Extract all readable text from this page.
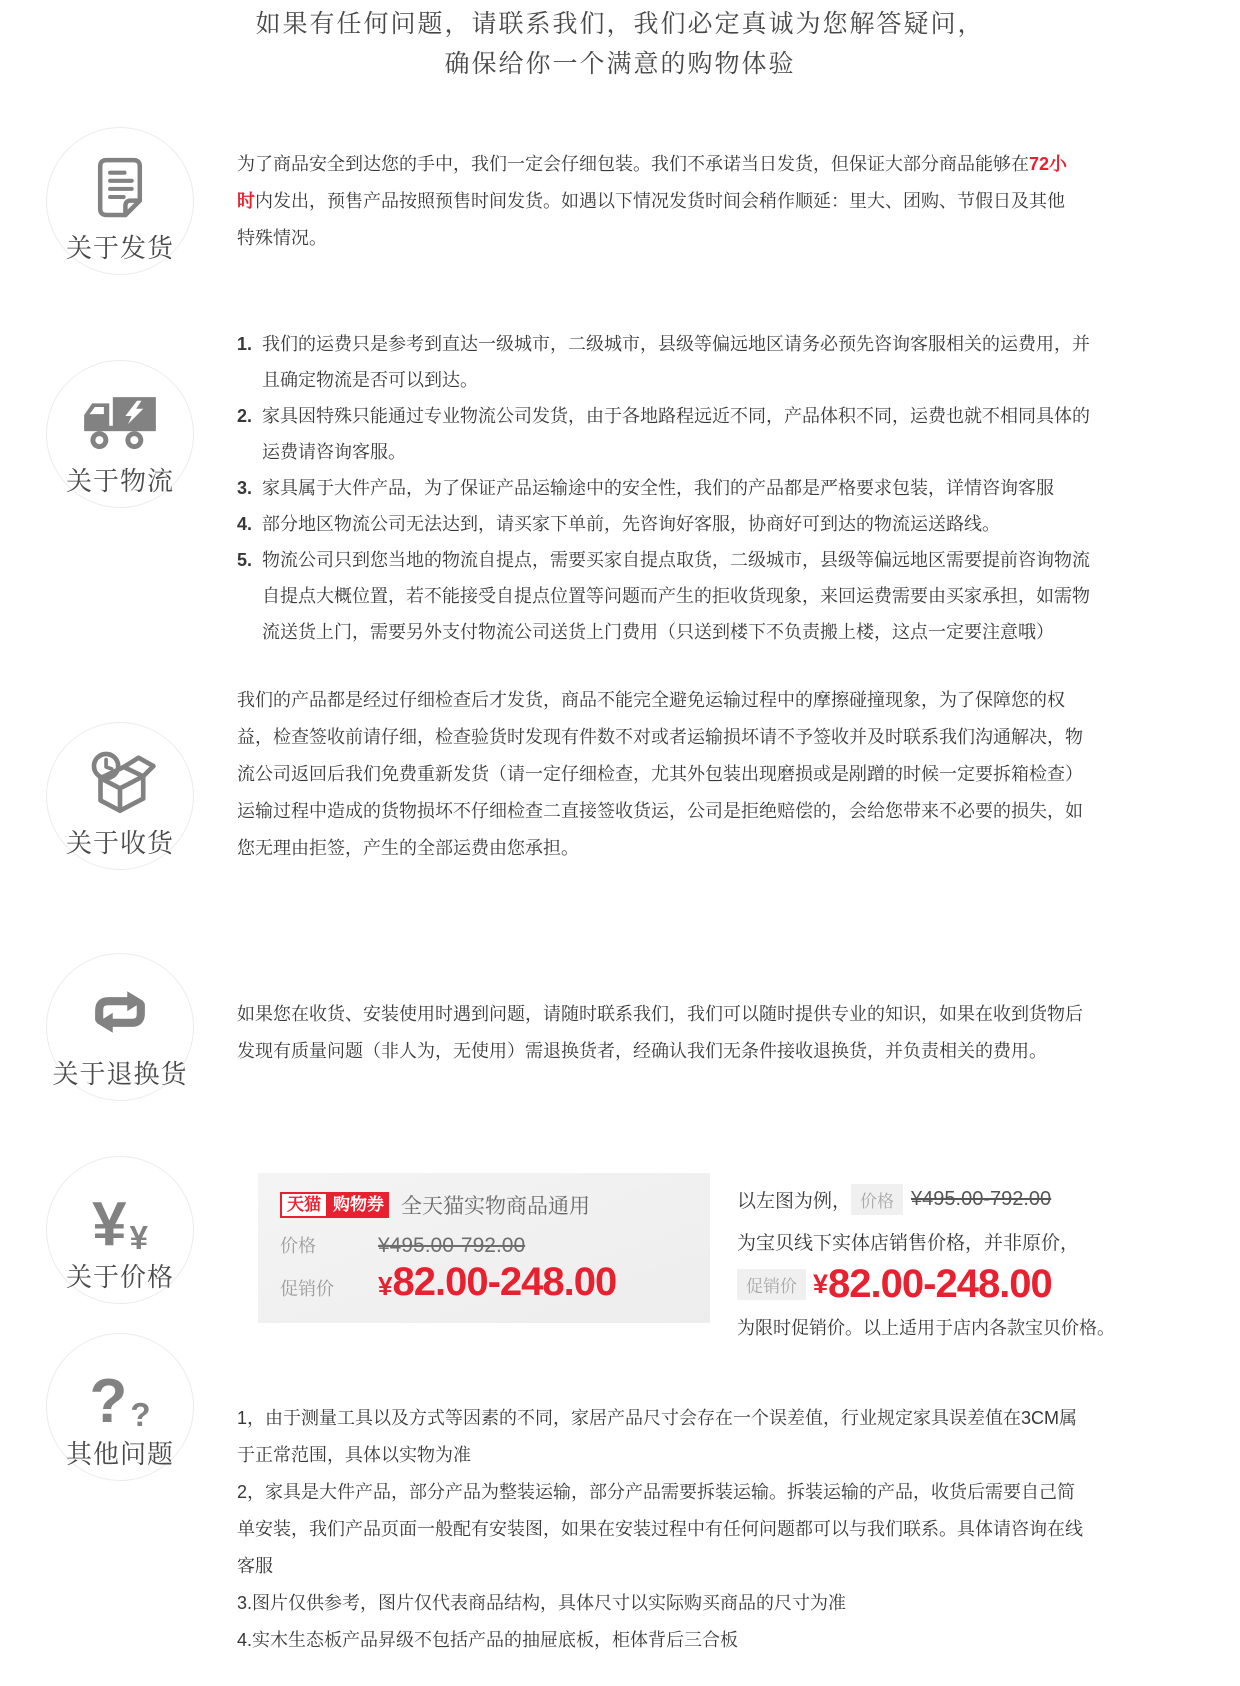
如果有任何问题，请联系我们，我们必定真诚为您解答疑问，
确保给你一个满意的购物体验
关于发货
为了商品安全到达您的手中，我们一定会仔细包装。我们不承诺当日发货，但保证大部分商品能够在72小时内发出，预售产品按照预售时间发货。如遇以下情况发货时间会稍作顺延：里大、团购、节假日及其他特殊情况。
关于物流
1. 我们的运费只是参考到直达一级城市，二级城市，县级等偏远地区请务必预先咨询客服相关的运费用，并且确定物流是否可以到达。
2. 家具因特殊只能通过专业物流公司发货，由于各地路程远近不同，产品体积不同，运费也就不相同具体的运费请咨询客服。
3. 家具属于大件产品，为了保证产品运输途中的安全性，我们的产品都是严格要求包装，详情咨询客服
4. 部分地区物流公司无法达到，请买家下单前，先咨询好客服，协商好可到达的物流运送路线。
5. 物流公司只到您当地的物流自提点，需要买家自提点取货，二级城市，县级等偏远地区需要提前咨询物流自提点大概位置，若不能接受自提点位置等问题而产生的拒收货现象，来回运费需要由买家承担，如需物流送货上门，需要另外支付物流公司送货上门费用（只送到楼下不负责搬上楼，这点一定要注意哦）
关于收货
我们的产品都是经过仔细检查后才发货，商品不能完全避免运输过程中的摩擦碰撞现象，为了保障您的权益，检查签收前请仔细，检查验货时发现有件数不对或者运输损坏请不予签收并及时联系我们沟通解决，物流公司返回后我们免费重新发货（请一定仔细检查，尤其外包装出现磨损或是剐蹭的时候一定要拆箱检查）运输过程中造成的货物损坏不仔细检查二直接签收货运，公司是拒绝赔偿的，会给您带来不必要的损失，如您无理由拒签，产生的全部运费由您承担。
关于退换货
如果您在收货、安装使用时遇到问题，请随时联系我们，我们可以随时提供专业的知识，如果在收到货物后发现有质量问题（非人为，无使用）需退换货者，经确认我们无条件接收退换货，并负责相关的费用。
¥ ¥
关于价格
天猫 购物券 全天猫实物商品通用
价格	¥495.00-792.00
促销价	¥ 82.00-248.00
以左图为例， 价格 ¥495.00-792.00
为宝贝线下实体店销售价格，并非原价，
促销价 ¥ 82.00-248.00
为限时促销价。以上适用于店内各款宝贝价格。
? ?
其他问题

1，由于测量工具以及方式等因素的不同，家居产品尺寸会存在一个误差值，行业规定家具误差值在3CM属于正常范围，具体以实物为准

2，家具是大件产品，部分产品为整装运输，部分产品需要拆装运输。拆装运输的产品，收货后需要自己简单安装，我们产品页面一般配有安装图，如果在安装过程中有任何问题都可以与我们联系。具体请咨询在线客服

3.图片仅供参考，图片仅代表商品结构，具体尺寸以实际购买商品的尺寸为准

4.实木生态板产品昇级不包括产品的抽屉底板，柜体背后三合板
